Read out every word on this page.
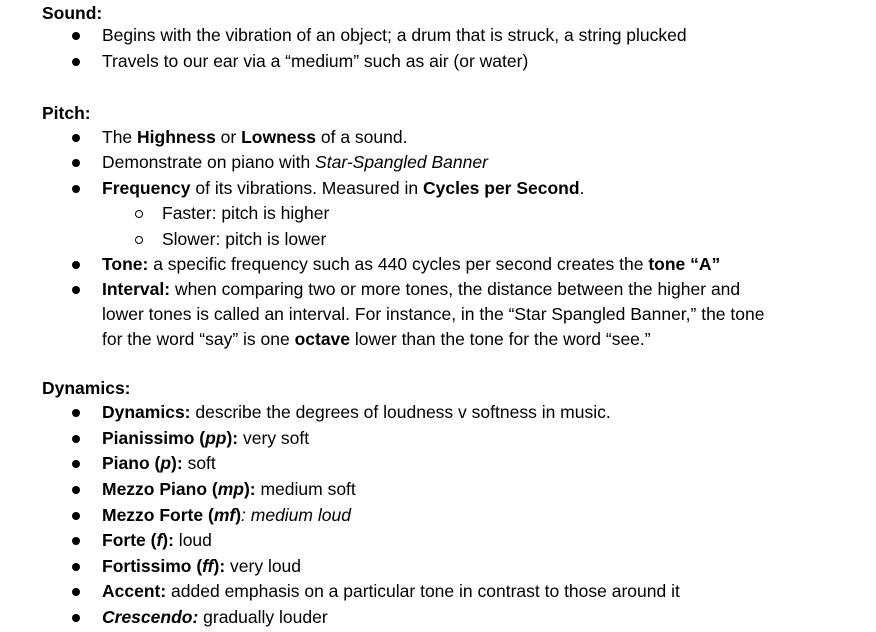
Sound:
Begins with the vibration of an object; a drum that is struck, a string plucked
Travels to our ear via a “medium” such as air (or water)
Pitch:
The Highness or Lowness of a sound.
Demonstrate on piano with Star-Spangled Banner
Frequency of its vibrations. Measured in Cycles per Second.
Faster: pitch is higher
Slower: pitch is lower
Tone: a specific frequency such as 440 cycles per second creates the tone “A”
Interval: when comparing two or more tones, the distance between the higher and
lower tones is called an interval. For instance, in the “Star Spangled Banner,” the tone
for the word “say” is one octave lower than the tone for the word “see.”
Dynamics:
Dynamics: describe the degrees of loudness v softness in music.
Pianissimo (pp): very soft
Piano (p): soft
Mezzo Piano (mp): medium soft
Mezzo Forte (mf): medium loud
Forte (f): loud
Fortissimo (ff): very loud
Accent: added emphasis on a particular tone in contrast to those around it
Crescendo: gradually louder
